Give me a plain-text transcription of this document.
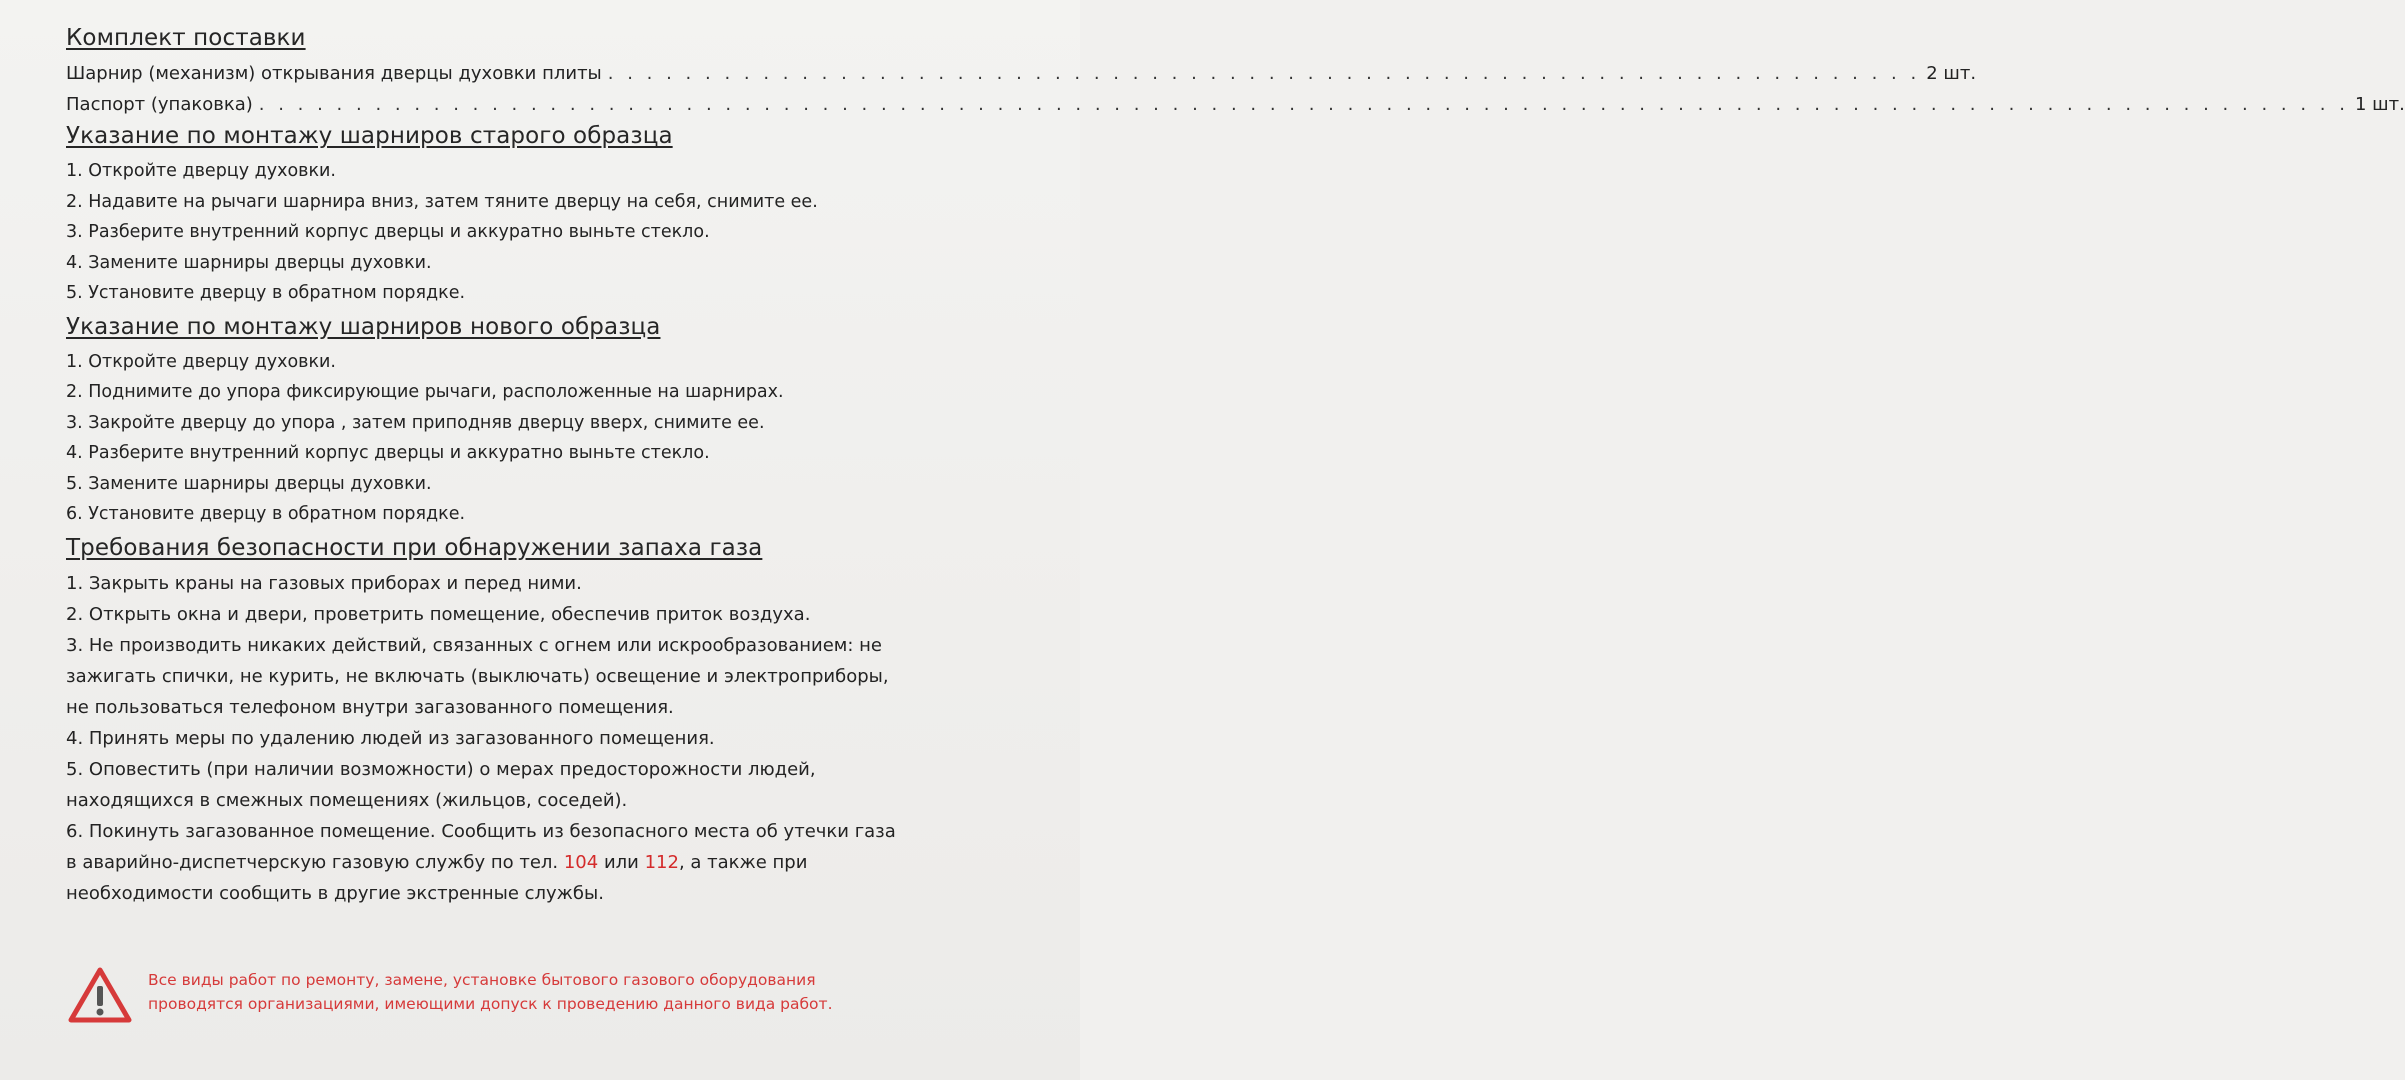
Комплект поставки
Шарнир (механизм) открывания дверцы духовки плиты . . . . . . . . . . . . . . . . . . . . . . . . . . . . . . . . . . . . . . . . . . . . . . . . . . . . . . . . . . . . . . . . . . . . 2 шт.
Паспорт (упаковка) . . . . . . . . . . . . . . . . . . . . . . . . . . . . . . . . . . . . . . . . . . . . . . . . . . . . . . . . . . . . . . . . . . . . . . . . . . . . . . . . . . . . . . . . . . . . . . . . . . . . . . . . . . . . 1 шт.
Указание по монтажу шарниров старого образца
1. Откройте дверцу духовки.
2. Надавите на рычаги шарнира вниз, затем тяните дверцу на себя, снимите ее.
3. Разберите внутренний корпус дверцы и аккуратно выньте стекло.
4. Замените шарниры дверцы духовки.
5. Установите дверцу в обратном порядке.
Указание по монтажу шарниров нового образца
1. Откройте дверцу духовки.
2. Поднимите до упора фиксирующие рычаги, расположенные на шарнирах.
3. Закройте дверцу до упора , затем приподняв дверцу вверх, снимите ее.
4. Разберите внутренний корпус дверцы и аккуратно выньте стекло.
5. Замените шарниры дверцы духовки.
6. Установите дверцу в обратном порядке.
Требования безопасности при обнаружении запаха газа
1. Закрыть краны на газовых приборах и перед ними.
2. Открыть окна и двери, проветрить помещение, обеспечив приток воздуха.
3. Не производить никаких действий, связанных с огнем или искрообразованием: не
зажигать спички, не курить, не включать (выключать) освещение и электроприборы,
не пользоваться телефоном внутри загазованного помещения.
4. Принять меры по удалению людей из загазованного помещения.
5. Оповестить (при наличии возможности) о мерах предосторожности людей,
находящихся в смежных помещениях (жильцов, соседей).
6. Покинуть загазованное помещение. Сообщить из безопасного места об утечки газа
в аварийно-диспетчерскую газовую службу по тел. 104 или 112, а также при
необходимости сообщить в другие экстренные службы.
Все виды работ по ремонту, замене, установке бытового газового оборудования
проводятся организациями, имеющими допуск к проведению данного вида работ.
